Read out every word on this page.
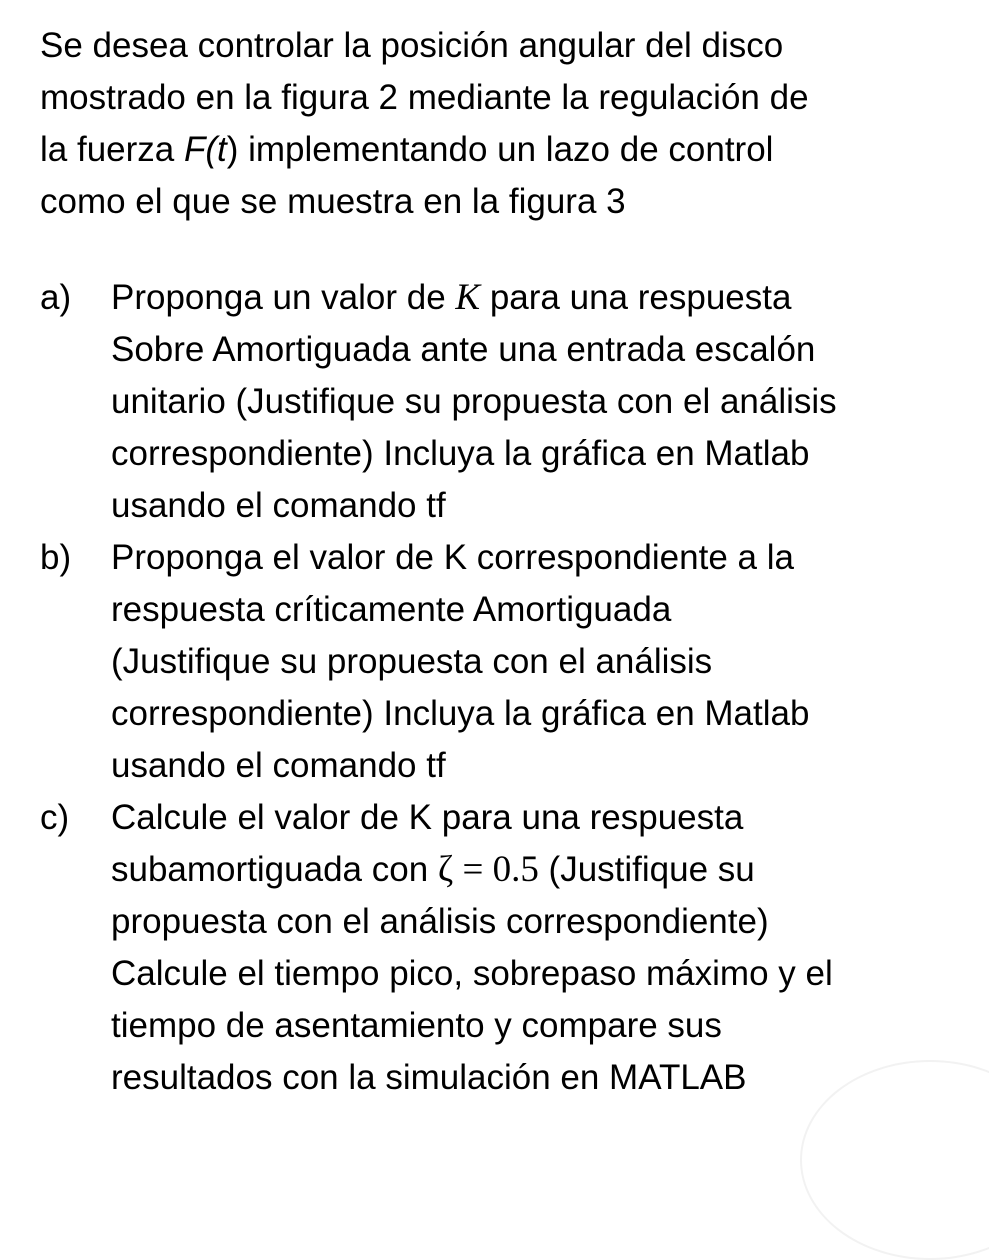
Se desea controlar la posición angular del disco
mostrado en la figura 2 mediante la regulación de
la fuerza F(t) implementando un lazo de control
como el que se muestra en la figura 3
a) Proponga un valor de K para una respuesta
Sobre Amortiguada ante una entrada escalón
unitario (Justifique su propuesta con el análisis
correspondiente) Incluya la gráfica en Matlab
usando el comando tf
b) Proponga el valor de K correspondiente a la
respuesta críticamente Amortiguada
(Justifique su propuesta con el análisis
correspondiente) Incluya la gráfica en Matlab
usando el comando tf
c) Calcule el valor de K para una respuesta
subamortiguada con ζ = 0.5 (Justifique su
propuesta con el análisis correspondiente)
Calcule el tiempo pico, sobrepaso máximo y el
tiempo de asentamiento y compare sus
resultados con la simulación en MATLAB
